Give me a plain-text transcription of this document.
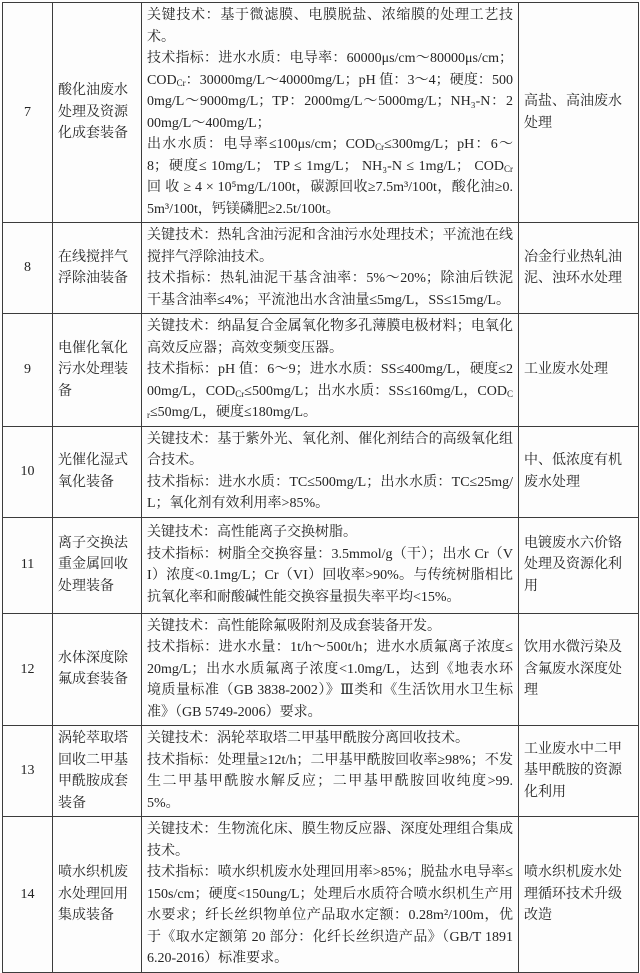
7	酸化油废水处理及资源化成套装备	关键技术：基于微滤膜、电膜脱盐、浓缩膜的处理工艺技术。
技术指标：进水水质：电导率：60000μs/cm～80000μs/cm；$COD_{Cr}$：30000mg/L～40000mg/L；pH 值：3～4；硬度：5000mg/L～9000mg/L；TP：2000mg/L～5000mg/L；NH₃-N：200mg/L～400mg/L；
出水水质：电导率≤100μs/cm；$COD_{Cr}\le 300mg/L$；pH：6～8；硬度≤ 10mg/L； TP ≤ 1mg/L； NH₃-N ≤ 1mg/L； $COD_{Cr}$ 回 收 ≥ 4 × 10⁵mg/L/100t，碳源回收≥7.5m³/100t，酸化油≥0.5m³/100t，钙镁磷肥≥2.5t/100t。	高盐、高油废水处理
8	在线搅拌气浮除油装备	关键技术：热轧含油污泥和含油污水处理技术；平流池在线搅拌气浮除油技术。
技术指标：热轧油泥干基含油率：5%～20%；除油后铁泥干基含油率≤4%；平流池出水含油量≤5mg/L，SS≤15mg/L。	冶金行业热轧油泥、浊环水处理
9	电催化氧化污水处理装备	关键技术：纳晶复合金属氧化物多孔薄膜电极材料；电氧化高效反应器；高效变频变压器。
技术指标：pH 值：6～9；进水水质：SS≤400mg/L，硬度≤200mg/L，$COD_{Cr}\le 500mg/L$；出水水质：SS≤160mg/L，$COD_{Cr}\le 50mg/L$，硬度≤180mg/L。	工业废水处理
10	光催化湿式氧化装备	关键技术：基于紫外光、氧化剂、催化剂结合的高级氧化组合技术。
技术指标：进水水质：TC≤500mg/L；出水水质：TC≤25mg/L；氧化剂有效利用率>85%。	中、低浓度有机废水处理
11	离子交换法重金属回收处理装备	关键技术：高性能离子交换树脂。
技术指标：树脂全交换容量：3.5mmol/g（干）；出水 Cr（VI）浓度<0.1mg/L；Cr（VI）回收率>90%。与传统树脂相比抗氧化率和耐酸碱性能交换容量损失率平均<15%。	电镀废水六价铬处理及资源化利用
12	水体深度除氟成套装备	关键技术：高性能除氟吸附剂及成套装备开发。
技术指标：进水水量：1t/h～500t/h；进水水质氟离子浓度≤20mg/L；出水水质氟离子浓度<1.0mg/L，达到《地表水环境质量标准（GB 3838-2002）》Ⅲ类和《生活饮用水卫生标准》（GB 5749-2006）要求。	饮用水微污染及含氟废水深度处理
13	涡轮萃取塔回收二甲基甲酰胺成套装备	关键技术：涡轮萃取塔二甲基甲酰胺分离回收技术。
技术指标：处理量≥12t/h；二甲基甲酰胺回收率≥98%；不发生二甲基甲酰胺水解反应；二甲基甲酰胺回收纯度>99.5%。	工业废水中二甲基甲酰胺的资源化利用
14	喷水织机废水处理回用集成装备	关键技术：生物流化床、膜生物反应器、深度处理组合集成技术。
技术指标：喷水织机废水处理回用率>85%；脱盐水电导率≤150s/cm；硬度<150ung/L；处理后水质符合喷水织机生产用水要求；纤长丝织物单位产品取水定额：0.28m²/100m，优于《取水定额第 20 部分：化纤长丝织造产品》（GB/T 18916.20-2016）标准要求。	喷水织机废水处理循环技术升级改造
